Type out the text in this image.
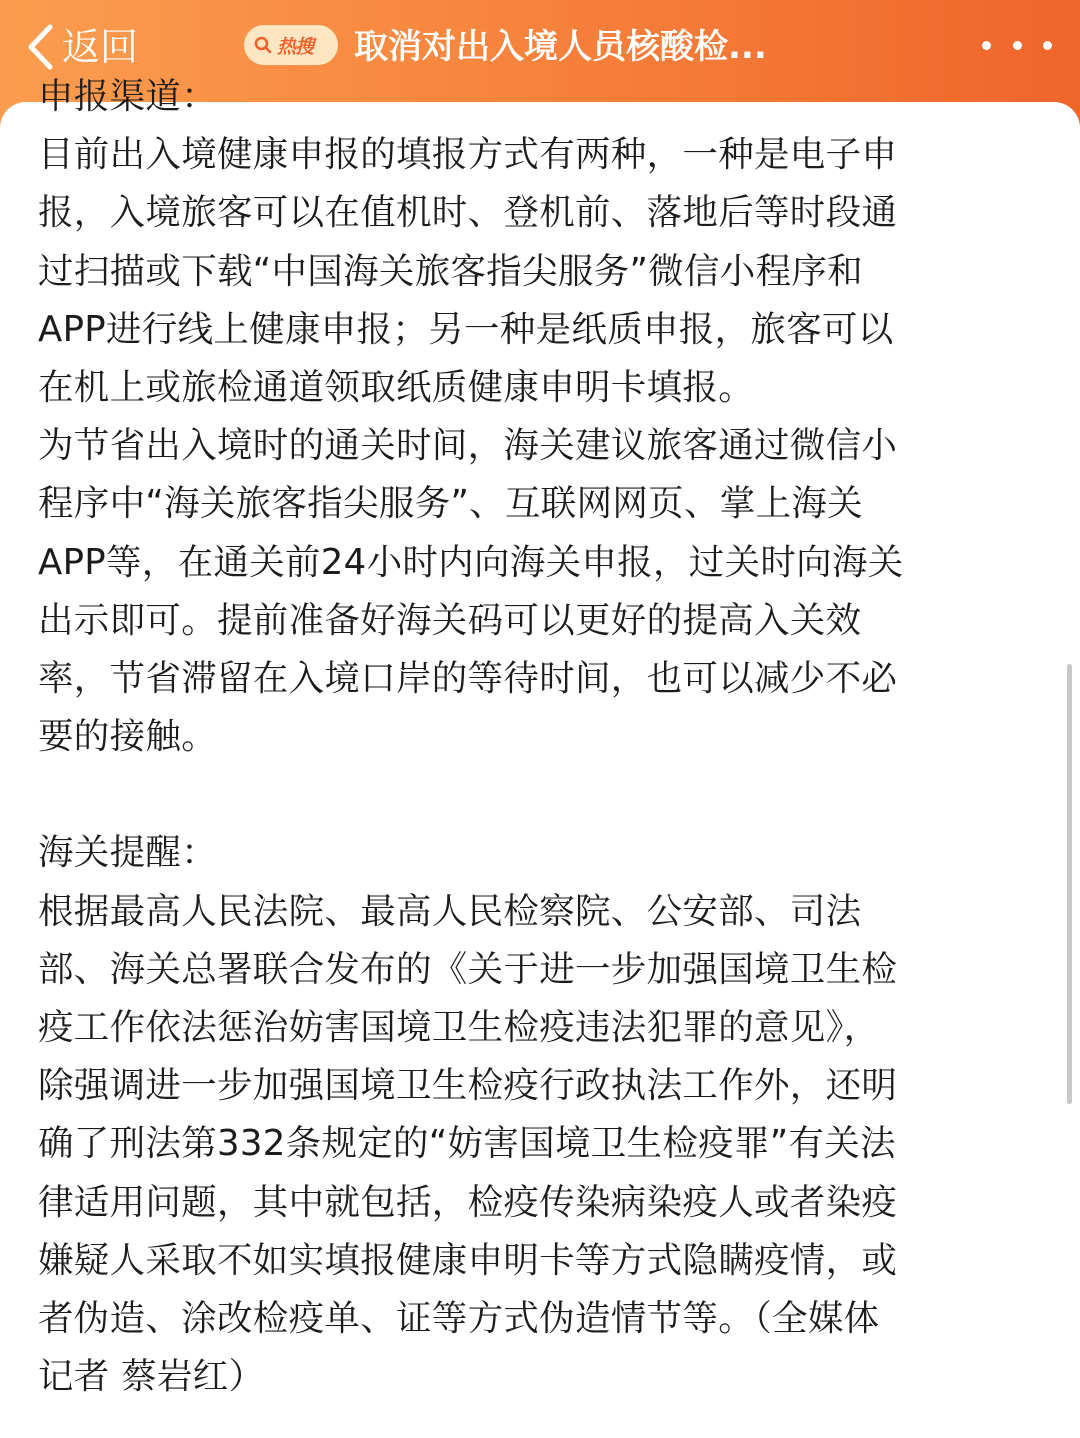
返回	热搜 取消对出入境人员核酸检...
申报渠道：
目前出入境健康申报的填报方式有两种，一种是电子申
报，入境旅客可以在值机时、登机前、落地后等时段通
过扫描或下载“中国海关旅客指尖服务”微信小程序和
APP进行线上健康申报；另一种是纸质申报，旅客可以
在机上或旅检通道领取纸质健康申明卡填报。
为节省出入境时的通关时间，海关建议旅客通过微信小
程序中“海关旅客指尖服务”、互联网网页、掌上海关
APP等，在通关前24小时内向海关申报，过关时向海关
出示即可。提前准备好海关码可以更好的提高入关效
率，节省滞留在入境口岸的等待时间，也可以减少不必
要的接触。
海关提醒：
根据最高人民法院、最高人民检察院、公安部、司法
部、海关总署联合发布的《关于进一步加强国境卫生检
疫工作依法惩治妨害国境卫生检疫违法犯罪的意见》，
除强调进一步加强国境卫生检疫行政执法工作外，还明
确了刑法第332条规定的“妨害国境卫生检疫罪”有关法
律适用问题，其中就包括，检疫传染病染疫人或者染疫
嫌疑人采取不如实填报健康申明卡等方式隐瞒疫情，或
者伪造、涂改检疫单、证等方式伪造情节等。（全媒体
记者 蔡岩红）
